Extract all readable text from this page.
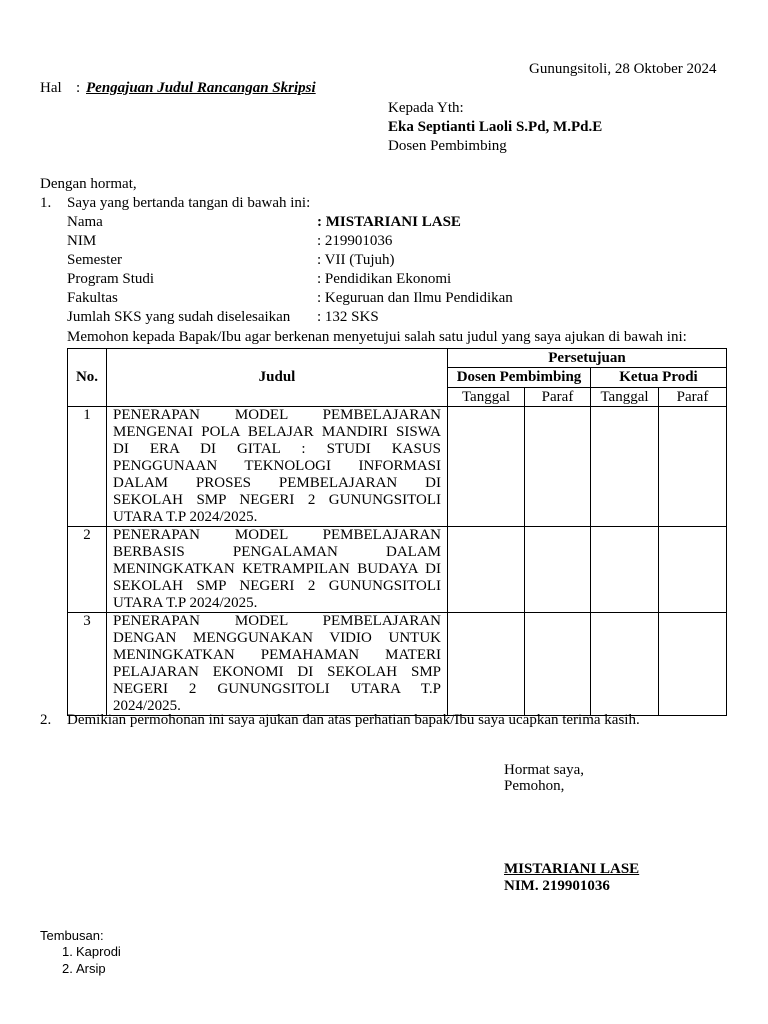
Gunungsitoli, 28 Oktober 2024
Hal : Pengajuan Judul Rancangan Skripsi
Kepada Yth:
Eka Septianti Laoli S.Pd, M.Pd.E
Dosen Pembimbing
Dengan hormat,
1. Saya yang bertanda tangan di bawah ini:
Nama	: MISTARIANI LASE
NIM	: 219901036
Semester	: VII (Tujuh)
Program Studi	: Pendidikan Ekonomi
Fakultas	: Keguruan dan Ilmu Pendidikan
Jumlah SKS yang sudah diselesaikan : 132 SKS
Memohon kepada Bapak/Ibu agar berkenan menyetujui salah satu judul yang saya ajukan di bawah ini:
No.	Judul	Persetujuan			
		Dosen Pembimbing		Ketua Prodi	
		Tanggal	Paraf	Tanggal	Paraf
1	PENERAPAN MODEL PEMBELAJARAN MENGENAI POLA BELAJAR MANDIRI SISWA DI ERA DI GITAL : STUDI KASUS PENGGUNAAN TEKNOLOGI INFORMASI DALAM PROSES PEMBELAJARAN DI SEKOLAH SMP NEGERI 2 GUNUNGSITOLI UTARA T.P 2024/2025.				
2	PENERAPAN MODEL PEMBELAJARAN BERBASIS PENGALAMAN DALAM MENINGKATKAN KETRAMPILAN BUDAYA DI SEKOLAH SMP NEGERI 2 GUNUNGSITOLI UTARA T.P 2024/2025.				
3	PENERAPAN MODEL PEMBELAJARAN DENGAN MENGGUNAKAN VIDIO UNTUK MENINGKATKAN PEMAHAMAN MATERI PELAJARAN EKONOMI DI SEKOLAH SMP NEGERI 2 GUNUNGSITOLI UTARA T.P 2024/2025.				
2. Demikian permohonan ini saya ajukan dan atas perhatian bapak/Ibu saya ucapkan terima kasih.
Hormat saya,
Pemohon,
MISTARIANI LASE
NIM. 219901036
Tembusan:
1. Kaprodi
2. Arsip
